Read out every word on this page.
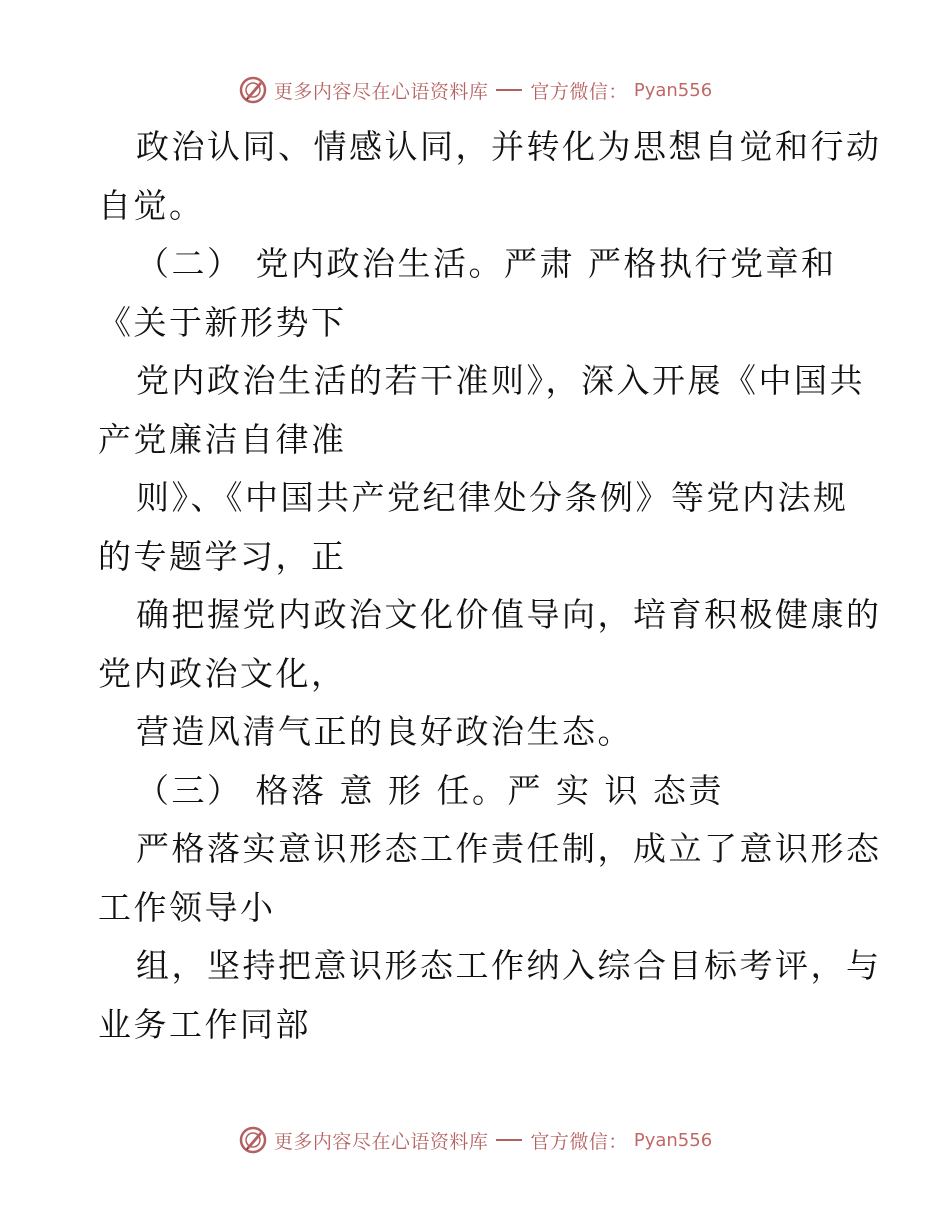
更多内容尽在心语资料库 官方微信： Pyan556
政治认同、情感认同，并转化为思想自觉和行动
自觉。
（二） 党内政治生活。严肃 严格执行党章和
《关于新形势下
党内政治生活的若干准则》，深入开展《中国共
产党廉洁自律准
则》、《中国共产党纪律处分条例》等党内法规
的专题学习，正
确把握党内政治文化价值导向，培育积极健康的
党内政治文化，
营造风清气正的良好政治生态。
（三） 格落 意 形 任。严 实 识 态责
严格落实意识形态工作责任制，成立了意识形态
工作领导小
组，坚持把意识形态工作纳入综合目标考评，与
业务工作同部
更多内容尽在心语资料库 官方微信： Pyan556
